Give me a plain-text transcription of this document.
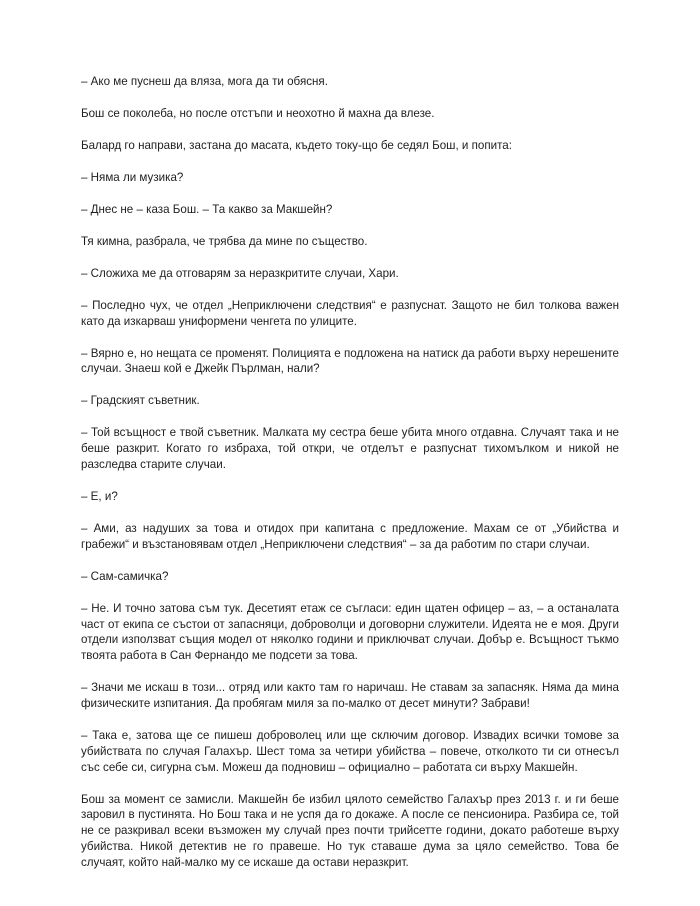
– Ако ме пуснеш да вляза, мога да ти обясня.

Бош се поколеба, но после отстъпи и неохотно й махна да влезе.

Балард го направи, застана до масата, където току-що бе седял Бош, и попита:

– Няма ли музика?

– Днес не – каза Бош. – Та какво за Макшейн?

Тя кимна, разбрала, че трябва да мине по същество.

– Сложиха ме да отговарям за неразкритите случаи, Хари.

– Последно чух, че отдел „Неприключени следствия“ е разпуснат. Защото не бил толкова важен като да изкарваш униформени ченгета по улиците.

– Вярно е, но нещата се променят. Полицията е подложена на натиск да работи върху нерешените случаи. Знаеш кой е Джейк Пърлман, нали?

– Градският съветник.

– Той всъщност е твой съветник. Малката му сестра беше убита много отдавна. Случаят така и не беше разкрит. Когато го избраха, той откри, че отделът е разпуснат тихомълком и никой не разследва старите случаи.

– Е, и?

– Ами, аз надуших за това и отидох при капитана с предложение. Махам се от „Убийства и грабежи“ и възстановявам отдел „Неприключени следствия“ – за да работим по стари случаи.

– Сам-самичка?

– Не. И точно затова съм тук. Десетият етаж се съгласи: един щатен офицер – аз, – а останалата част от екипа се състои от запасняци, доброволци и договорни служители. Идеята не е моя. Други отдели използват същия модел от няколко години и приключват случаи. Добър е. Всъщност тъкмо твоята работа в Сан Фернандо ме подсети за това.

– Значи ме искаш в този... отряд или както там го наричаш. Не ставам за запасняк. Няма да мина физическите изпитания. Да пробягам миля за по-малко от десет минути? Забрави!

– Така е, затова ще се пишеш доброволец или ще сключим договор. Извадих всички томове за убийствата по случая Галахър. Шест тома за четири убийства – повече, отколкото ти си отнесъл със себе си, сигурна съм. Можеш да подновиш – официално – работата си върху Макшейн.

Бош за момент се замисли. Макшейн бе избил цялото семейство Галахър през 2013 г. и ги беше заровил в пустинята. Но Бош така и не успя да го докаже. А после се пенсионира. Разбира се, той не се разкривал всеки възможен му случай през почти трийсетте години, докато работеше върху убийства. Никой детектив не го правеше. Но тук ставаше дума за цяло семейство. Това бе случаят, който най-малко му се искаше да остави неразкрит.
